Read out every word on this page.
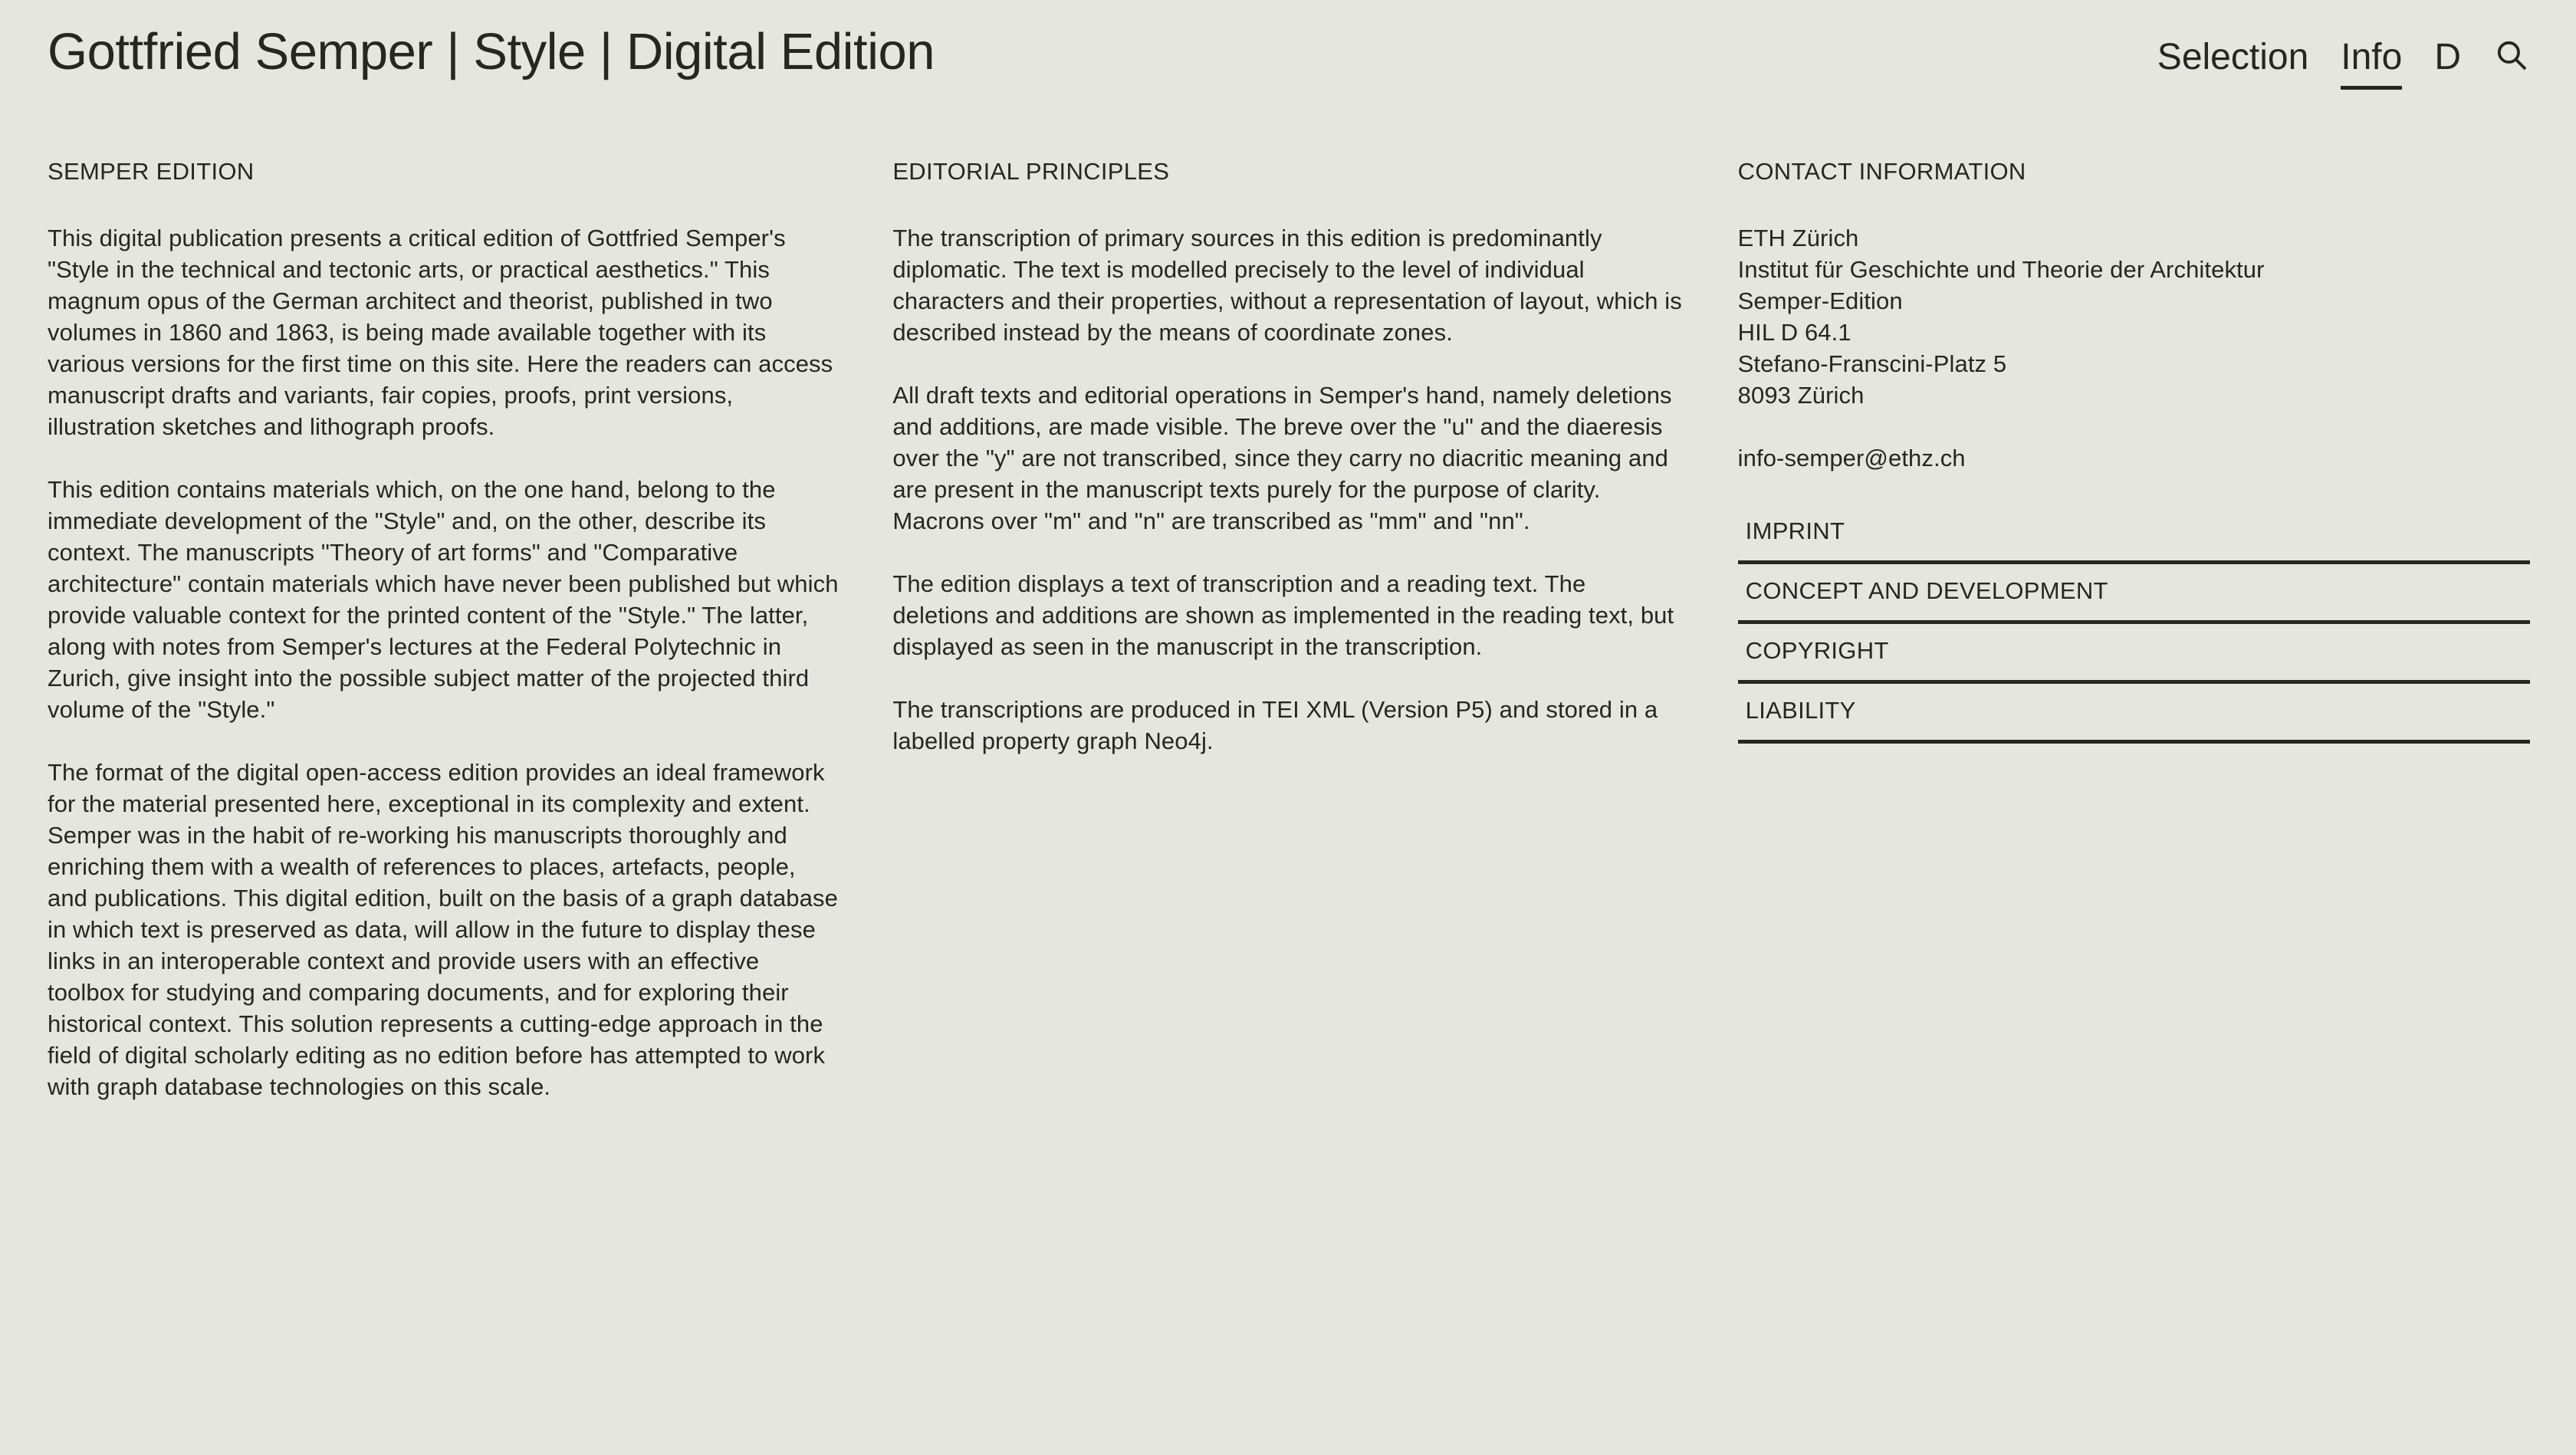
Gottfried Semper | Style | Digital Edition	Selection Info D
SEMPER EDITION

This digital publication presents a critical edition of Gottfried Semper's "Style in the technical and tectonic arts, or practical aesthetics." This magnum opus of the German architect and theorist, published in two volumes in 1860 and 1863, is being made available together with its various versions for the first time on this site. Here the readers can access manuscript drafts and variants, fair copies, proofs, print versions, illustration sketches and lithograph proofs.

This edition contains materials which, on the one hand, belong to the immediate development of the "Style" and, on the other, describe its context. The manuscripts "Theory of art forms" and "Comparative architecture" contain materials which have never been published but which provide valuable context for the printed content of the "Style." The latter, along with notes from Semper's lectures at the Federal Polytechnic in Zurich, give insight into the possible subject matter of the projected third volume of the "Style."

The format of the digital open-access edition provides an ideal framework for the material presented here, exceptional in its complexity and extent. Semper was in the habit of re-working his manuscripts thoroughly and enriching them with a wealth of references to places, artefacts, people, and publications. This digital edition, built on the basis of a graph database in which text is preserved as data, will allow in the future to display these links in an interoperable context and provide users with an effective toolbox for studying and comparing documents, and for exploring their historical context. This solution represents a cutting-edge approach in the field of digital scholarly editing as no edition before has attempted to work with graph database technologies on this scale.

EDITORIAL PRINCIPLES

The transcription of primary sources in this edition is predominantly diplomatic. The text is modelled precisely to the level of individual characters and their properties, without a representation of layout, which is described instead by the means of coordinate zones.

All draft texts and editorial operations in Semper's hand, namely deletions and additions, are made visible. The breve over the "u" and the diaeresis over the "y" are not transcribed, since they carry no diacritic meaning and are present in the manuscript texts purely for the purpose of clarity. Macrons over "m" and "n" are transcribed as "mm" and "nn".

The edition displays a text of transcription and a reading text. The deletions and additions are shown as implemented in the reading text, but displayed as seen in the manuscript in the transcription.

The transcriptions are produced in TEI XML (Version P5) and stored in a labelled property graph Neo4j.

CONTACT INFORMATION
ETH Zürich
Institut für Geschichte und Theorie der Architektur
Semper-Edition
HIL D 64.1
Stefano-Franscini-Platz 5
8093 Zürich
info-semper@ethz.ch
IMPRINT
CONCEPT AND DEVELOPMENT
COPYRIGHT
LIABILITY
